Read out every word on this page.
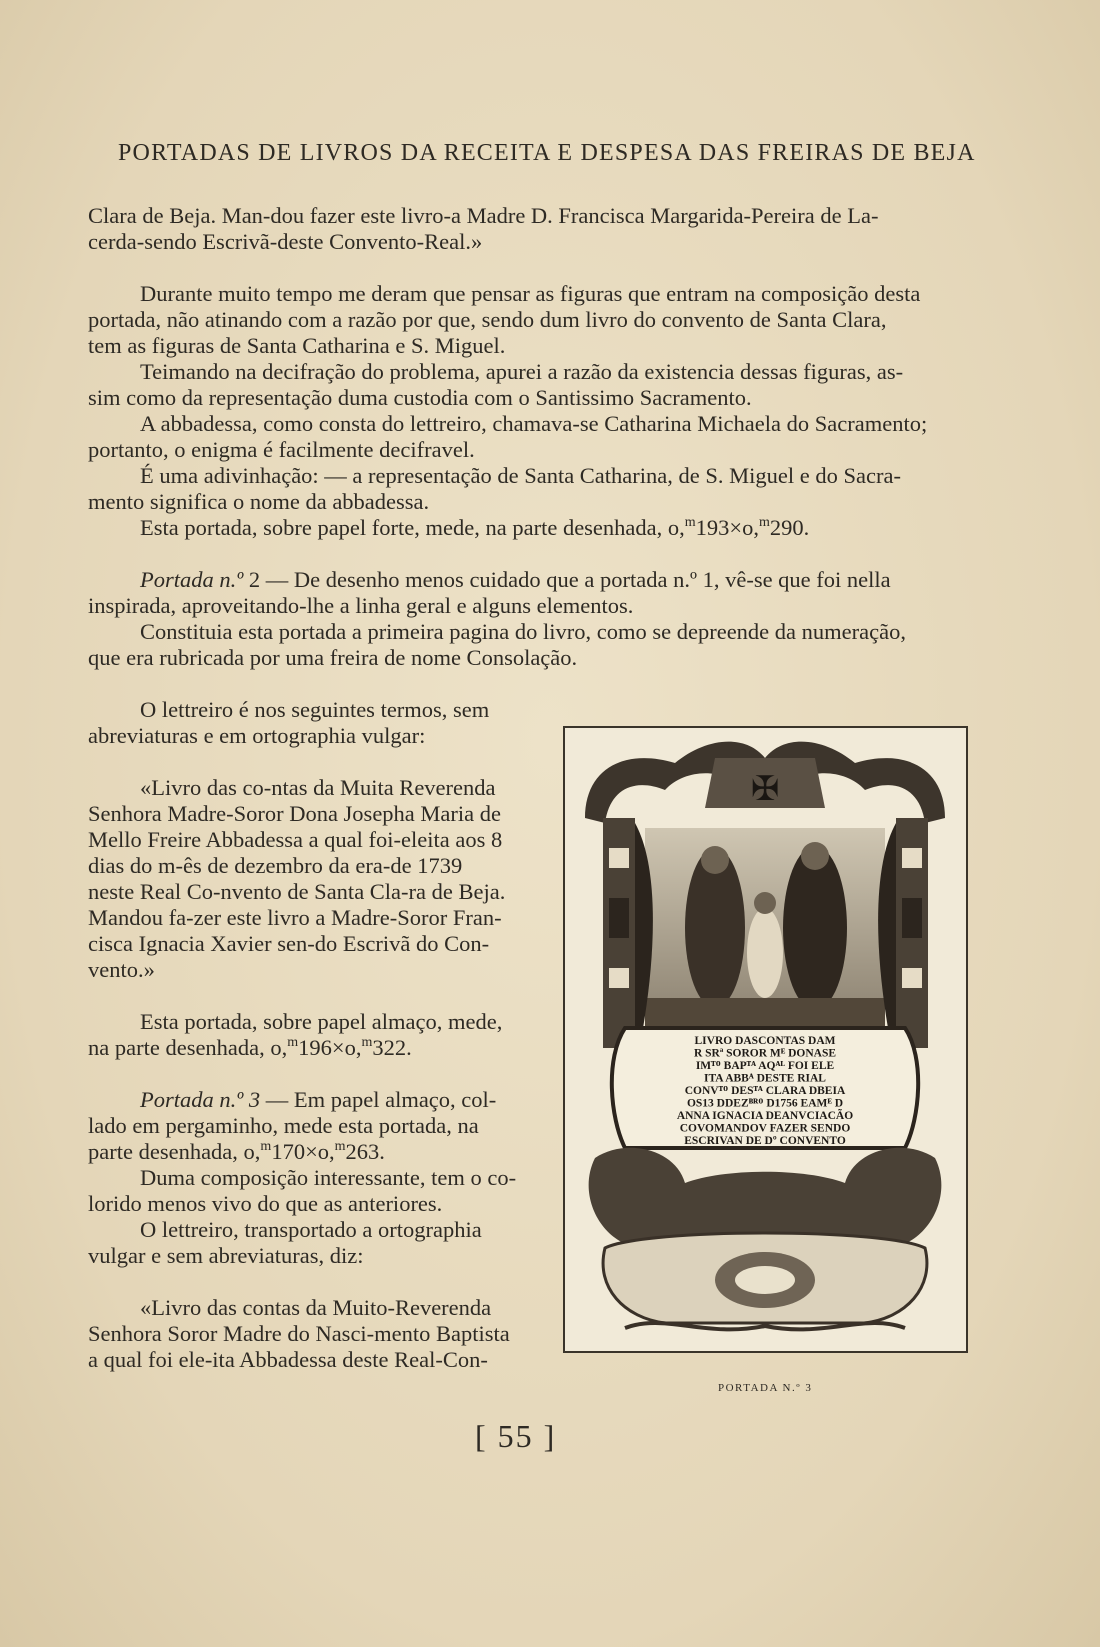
PORTADAS DE LIVROS DA RECEITA E DESPESA DAS FREIRAS DE BEJA

Clara de Beja. Man-dou fazer este livro-a Madre D. Francisca Margarida-Pereira de La-

cerda-sendo Escrivã-deste Convento-Real.»

Durante muito tempo me deram que pensar as figuras que entram na composição desta

portada, não atinando com a razão por que, sendo dum livro do convento de Santa Clara,

tem as figuras de Santa Catharina e S. Miguel.

Teimando na decifração do problema, apurei a razão da existencia dessas figuras, as-

sim como da representação duma custodia com o Santissimo Sacramento.

A abbadessa, como consta do lettreiro, chamava-se Catharina Michaela do Sacramento;

portanto, o enigma é facilmente decifravel.

É uma adivinhação: — a representação de Santa Catharina, de S. Miguel e do Sacra-

mento significa o nome da abbadessa.

Esta portada, sobre papel forte, mede, na parte desenhada, o,$^m$193×o,$^m$290.

Portada n.º 2 — De desenho menos cuidado que a portada n.º 1, vê-se que foi nella

inspirada, aproveitando-lhe a linha geral e alguns elementos.

Constituia esta portada a primeira pagina do livro, como se depreende da numeração,

que era rubricada por uma freira de nome Consolação.

O lettreiro é nos seguintes termos, sem

abreviaturas e em ortographia vulgar:

«Livro das co-ntas da Muita Reverenda

Senhora Madre-Soror Dona Josepha Maria de

Mello Freire Abbadessa a qual foi-eleita aos 8

dias do m-ês de dezembro da era-de 1739

neste Real Co-nvento de Santa Cla-ra de Beja.

Mandou fa-zer este livro a Madre-Soror Fran-

cisca Ignacia Xavier sen-do Escrivã do Con-

vento.»

Esta portada, sobre papel almaço, mede,

na parte desenhada, o,$^m$196×o,$^m$322.

Portada n.º 3 — Em papel almaço, col-

lado em pergaminho, mede esta portada, na

parte desenhada, o,$^m$170×o,$^m$263.

Duma composição interessante, tem o co-

lorido menos vivo do que as anteriores.

O lettreiro, transportado a ortographia

vulgar e sem abreviaturas, diz:

«Livro das contas da Muito-Reverenda

Senhora Soror Madre do Nasci-mento Baptista

a qual foi ele-ita Abbadessa deste Real-Con-

✠
LIVRO DASCONTAS DAM
R SRª SOROR Mᴱ DONASE
IMᵀᴼ BAPᵀᴬ AQᴬᴸ FOI ELE
ITA ABBᴬ DESTE RIAL
CONVᵀᴼ DESᵀᴬ CLARA DBEIA
OS13 DDEZᴮᴿᴼ D1756 EAMᴱ D
ANNA IGNACIA DEANVCIACÃO
COVOMANDOV FAZER SENDO
ESCRIVAN DE Dº CONVENTO
PORTADA N.º 3
[ 55 ]
